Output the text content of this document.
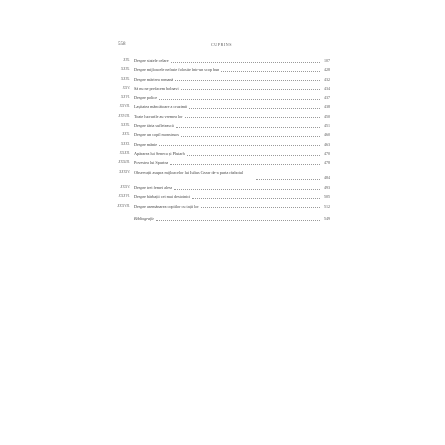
558	CUPRINS
XIX. Despre statele celare	107
XXIX. Despre mijloacele nefaste folosite într-un scop bun	428
XXIX. Despre mărirea romană	432
XXV. Să nu ne prefacem bolnavi	434
XXVI. Despre police	437
XXVII. Lașitatea mâncătoare a cruzimii	438
XXVIII. Toate lucrurile au vremea lor	450
XXIX. Despre tăria sufletească	451
XXX. Despre un copil monstruos	460
XXXI. Despre mânie	463
XXXII. Apărarea lui Seneca și Plutarh	470
XXXIII. Povestea lui Spurina	478
XXXIV. Observații asupra mijloacelor lui Iulius Cezar de-a purta războiul
484
XXXV. Despre trei femei alese	493
XXXVI. Despre bărbații cei mai destoinici	505
XXXVII. Despre asemănarea copiilor cu tații lor	512
Bibliografie	549
